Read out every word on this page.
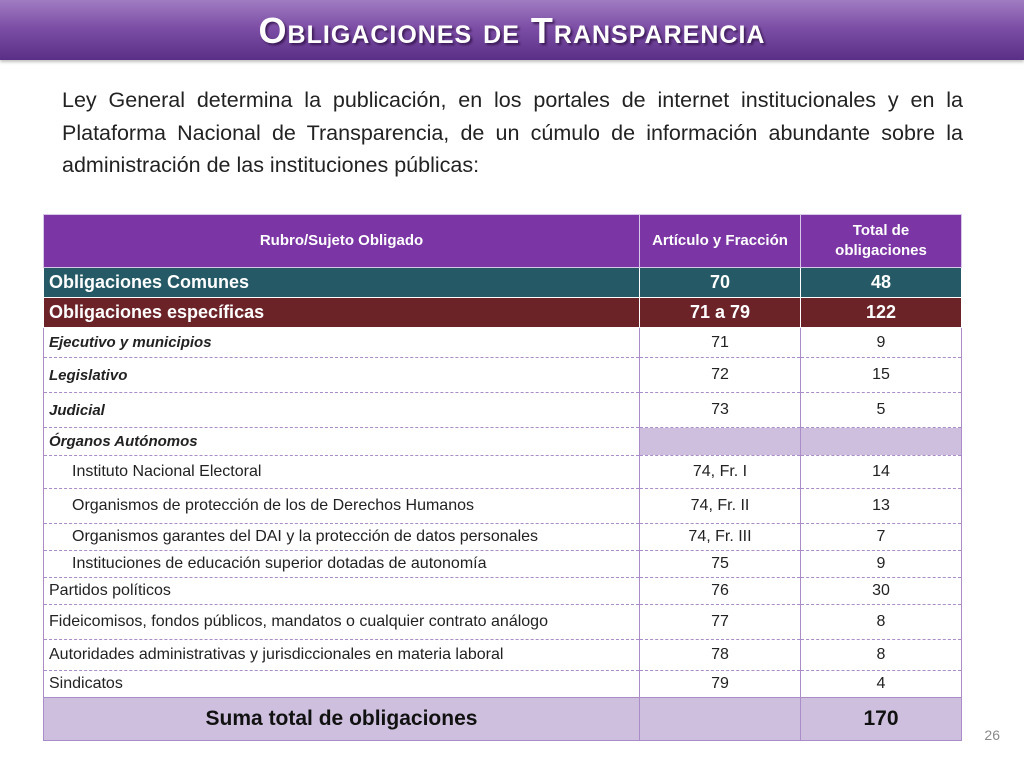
Obligaciones de Transparencia

Ley General determina la publicación, en los portales de internet institucionales y en la Plataforma Nacional de Transparencia, de un cúmulo de información abundante sobre la administración de las instituciones públicas:

Rubro/Sujeto Obligado	Artículo y Fracción	Total de obligaciones
Obligaciones Comunes	70	48
Obligaciones específicas	71 a 79	122
Ejecutivo y municipios	71	9
Legislativo	72	15
Judicial	73	5
Órganos Autónomos		
Instituto Nacional Electoral	74, Fr. I	14
Organismos de protección de los de Derechos Humanos	74, Fr. II	13
Organismos garantes del DAI y la protección de datos personales	74, Fr. III	7
Instituciones de educación superior dotadas de autonomía	75	9
Partidos políticos	76	30
Fideicomisos, fondos públicos, mandatos o cualquier contrato análogo	77	8
Autoridades administrativas y jurisdiccionales en materia laboral	78	8
Sindicatos	79	4
Suma total de obligaciones		170
26
